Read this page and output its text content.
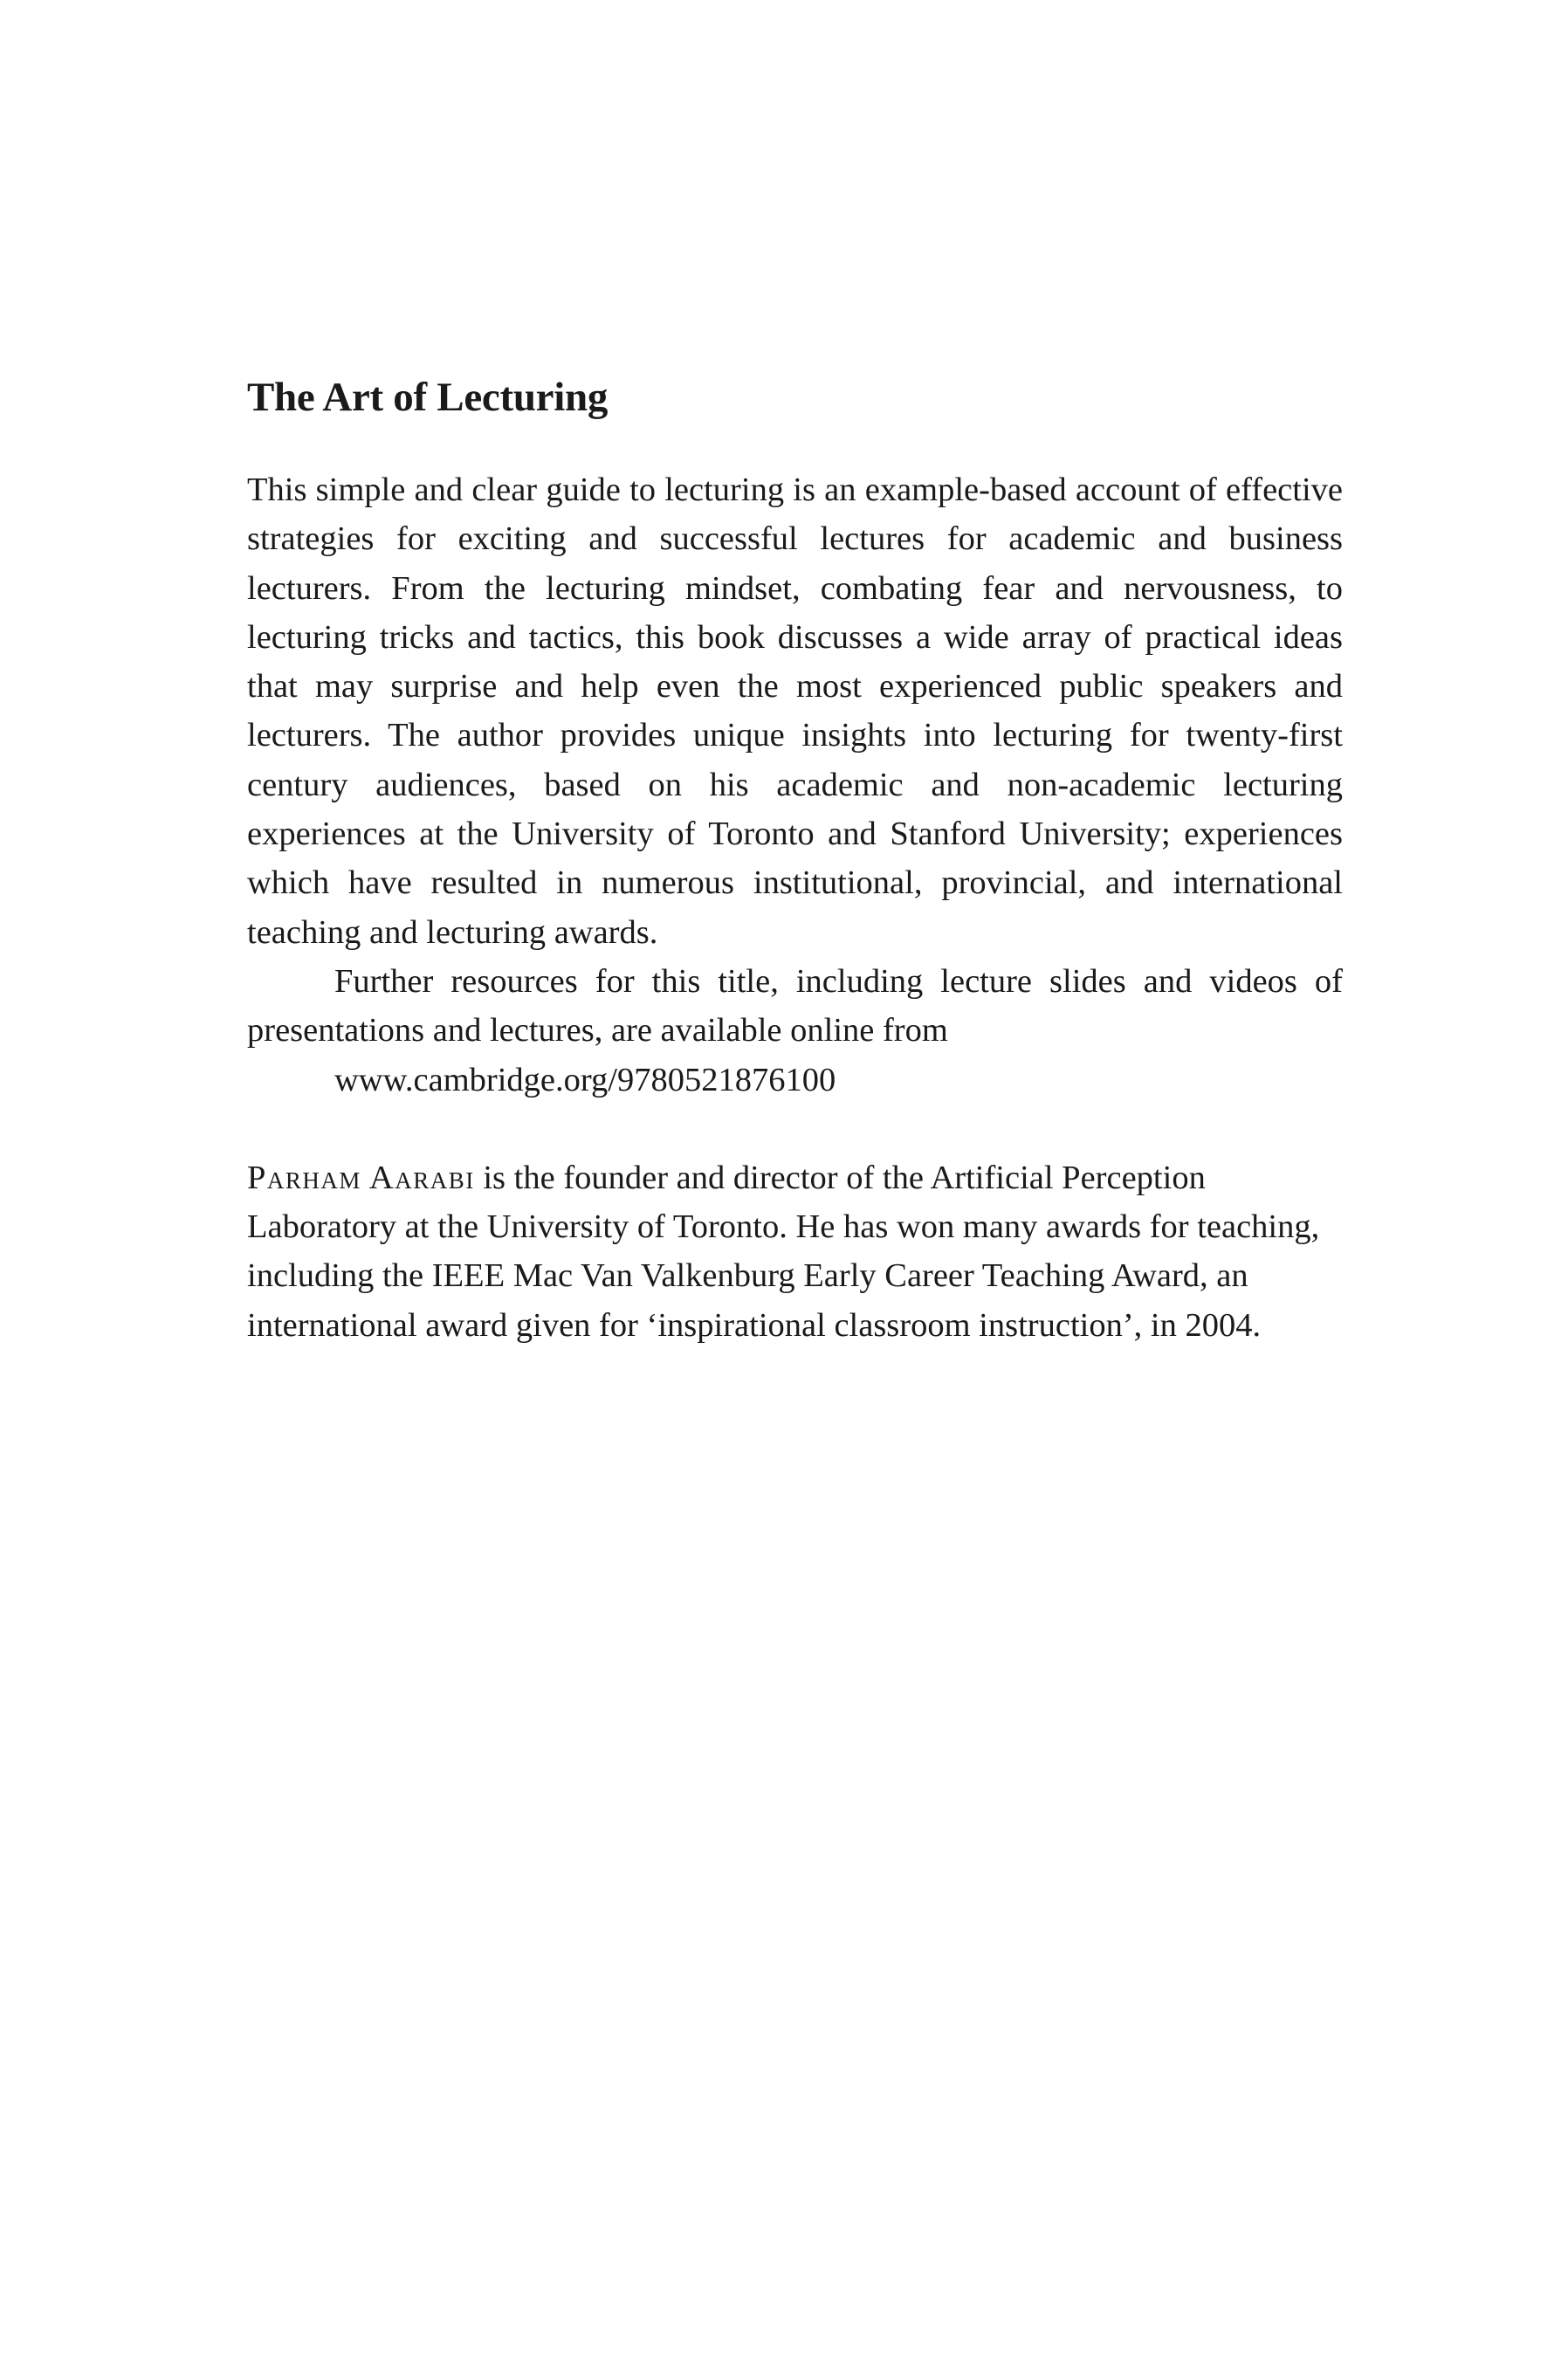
The Art of Lecturing

This simple and clear guide to lecturing is an example-based account of effective strategies for exciting and successful lectures for academic and business lecturers. From the lecturing mindset, combating fear and nervousness, to lecturing tricks and tactics, this book discusses a wide array of practical ideas that may surprise and help even the most experienced public speakers and lecturers. The author provides unique insights into lecturing for twenty-first century audiences, based on his academic and non-academic lecturing experiences at the University of Toronto and Stanford University; experiences which have resulted in numerous institutional, provincial, and international teaching and lecturing awards.

Further resources for this title, including lecture slides and videos of presentations and lectures, are available online from
www.cambridge.org/9780521876100

Parham Aarabi is the founder and director of the Artificial Perception Laboratory at the University of Toronto. He has won many awards for teaching, including the IEEE Mac Van Valkenburg Early Career Teaching Award, an international award given for ‘inspirational classroom instruction’, in 2004.
